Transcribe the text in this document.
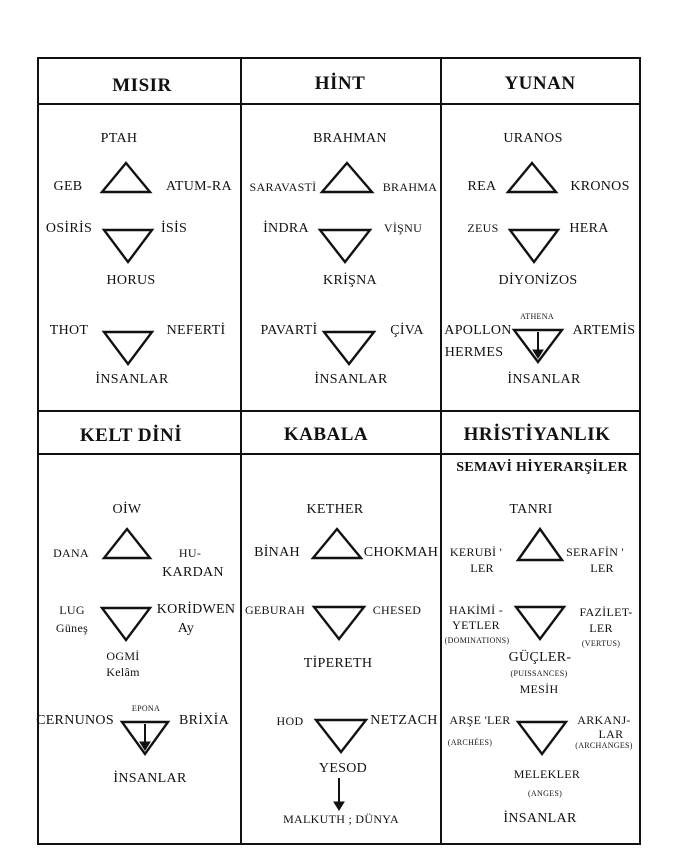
MISIR	HİNT	YUNAN
KELT DİNİ	KABALA	HRİSTİYANLIK
SEMAVİ HİYERARŞİLER
PTAH
GEB	ATUM-RA
OSİRİS	İSİS
HORUS
THOT	NEFERTİ
İNSANLAR
BRAHMAN
SARAVASTİ	BRAHMA
İNDRA	VİŞNU
KRİŞNA
PAVARTİ	ÇİVA
İNSANLAR
URANOS
REA	KRONOS
ZEUS	HERA
DİYONİZOS
ATHENA
APOLLON	ARTEMİS
HERMES
İNSANLAR
OİW
DANA	HU-
KARDAN
LUG
Güneş
KORİDWEN
Ay
OGMİ
Kelâm
EPONA
CERNUNOS	BRİXİA
İNSANLAR
KETHER
BİNAH	CHOKMAH
GEBURAH	CHESED
TİPERETH
HOD	NETZACH
YESOD
MALKUTH ; DÜNYA
TANRI
KERUBİ '
LER
SERAFİN '
LER
HAKİMİ -
YETLER
(DOMINATIONS)
FAZİLET-
LER
(VERTUS)
GÜÇLER-
(PUISSANCES)
MESİH
ARŞE 'LER
(ARCHÉES)
ARKANJ-
LAR
(ARCHANGES)
MELEKLER
(ANGES)
İNSANLAR
